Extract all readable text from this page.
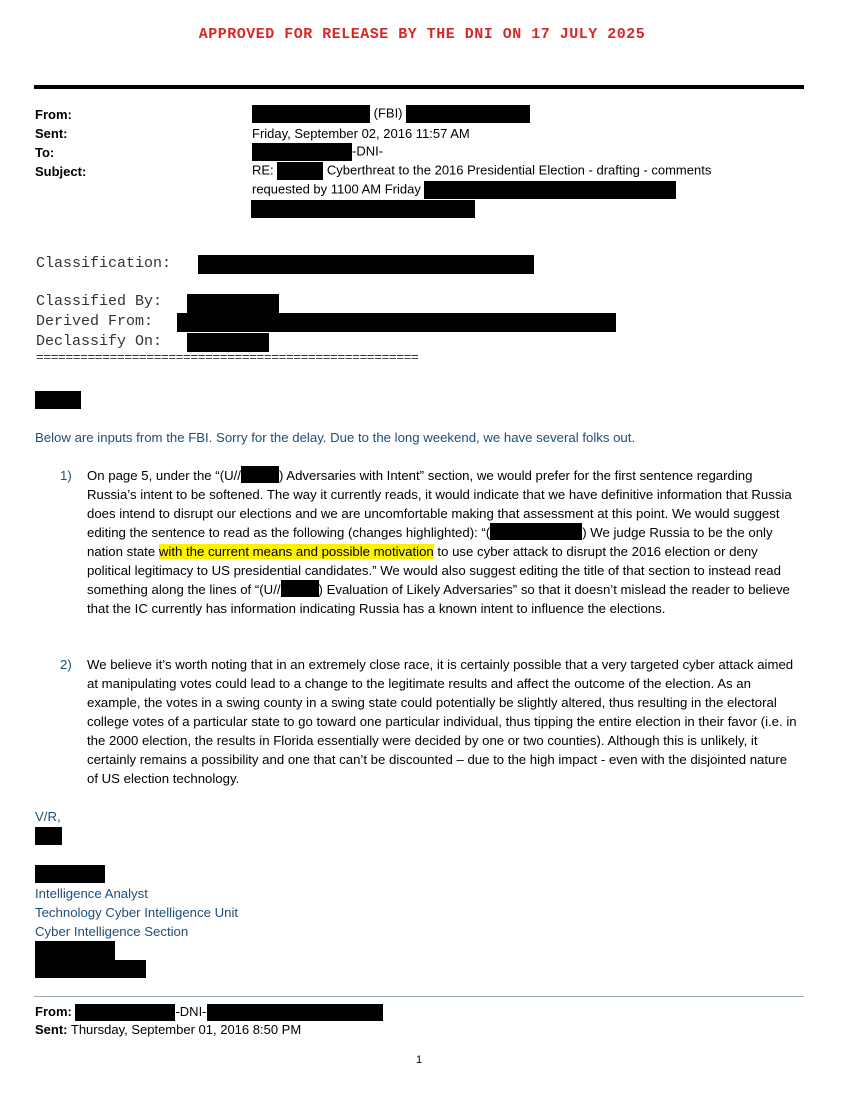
APPROVED FOR RELEASE BY THE DNI ON 17 JULY 2025
From:	(FBI)
Sent:	Friday, September 02, 2016 11:57 AM
To:	-DNI-
Subject:	RE:	Cyberthreat to the 2016 Presidential Election - drafting - comments
requested by 1100 AM Friday
Classification:
Classified By:
Derived From:
Declassify On:
====================================================
Below are inputs from the FBI. Sorry for the delay. Due to the long weekend, we have several folks out.
1) On page 5, under the “(U//	) Adversaries with Intent” section, we would prefer for the first sentence regarding Russia’s intent to be softened. The way it currently reads, it would indicate that we have definitive information that Russia does intend to disrupt our elections and we are uncomfortable making that assessment at this point. We would suggest editing the sentence to read as the following (changes highlighted): “(	) We judge Russia to be the only nation state with the current means and possible motivation to use cyber attack to disrupt the 2016 election or deny political legitimacy to US presidential candidates.” We would also suggest editing the title of that section to instead read something along the lines of “(U//	) Evaluation of Likely Adversaries” so that it doesn’t mislead the reader to believe that the IC currently has information indicating Russia has a known intent to influence the elections.
2) We believe it’s worth noting that in an extremely close race, it is certainly possible that a very targeted cyber attack aimed at manipulating votes could lead to a change to the legitimate results and affect the outcome of the election. As an example, the votes in a swing county in a swing state could potentially be slightly altered, thus resulting in the electoral college votes of a particular state to go toward one particular individual, thus tipping the entire election in their favor (i.e. in the 2000 election, the results in Florida essentially were decided by one or two counties). Although this is unlikely, it certainly remains a possibility and one that can’t be discounted – due to the high impact - even with the disjointed nature of US election technology.
V/R,
Intelligence Analyst
Technology Cyber Intelligence Unit
Cyber Intelligence Section
From:	-DNI-
Sent: Thursday, September 01, 2016 8:50 PM
1
